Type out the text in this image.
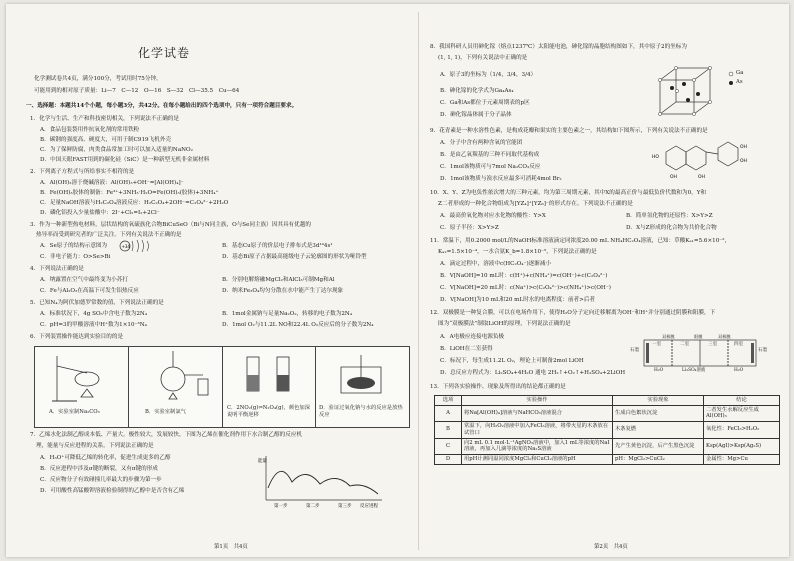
化学试卷
化学测试卷共4页，满分100分，考试用时75分钟。
可能用到的相对原子质量：Li—7　C—12　O—16　S—32　Cl—35.5　Cu—64
一、选择题：本题共14个小题，每小题3分，共42分。在每小题给出的四个选项中，只有一项符合题目要求。
1．化学与生活、生产和科技密切相关，下列说法不正确的是
A．食品包装袋用作抗氧化剂的常用铁粉
B．碳钢的强度高、硬度大，可用于制C919飞机外壳
C．为了保鲜防腐，肉类食品常加工时可以加入适量的NaNO₂
D．中国天眼FAST用到的碳化硅（SiC）是一种新型无机非金属材料
2．下列离子方程式与所给事实不相符的是
A．Al(OH)₃溶于烧碱溶液：Al(OH)₃+OH⁻=[Al(OH)₄]⁻
B．Fe(OH)₃胶体的制备：Fe³⁺+3NH₃·H₂O=Fe(OH)₃(胶体)+3NH₄⁺
C．足量NaOH溶液与H₂C₂O₄溶液反应：H₂C₂O₄+2OH⁻=C₂O₄²⁻+2H₂O
D．磷化铝投入少量盐酸中：2I⁻+Cl₂=I₂+2Cl⁻
3．作为一种新型热电材料，层状结构的氧硫族化合物BiCuSeO（Bi与N同主族，O与Se同主族）因其具有优越的
热导率而受到研究者的广泛关注。下列有关说法不正确的是
A．Se原子的结构示意图为	+34	B．基态Cu原子的价层电子排布式是3d¹⁰4s¹
C．非电子能力：O>Se>Bi	D．基态Bi原子占据最高能级电子云轮廓图的形状为哑铃型
4．下列说法正确的是
A．纳露置在空气中最终变为小苏打	B．分别电解熔融MgCl₂和AlCl₃可制Mg和Al
C．Fe与Al₂O₃在高温下可发生铝热反应	D．纳米Fe₃O₄均匀分散在水中能产生丁达尔现象
5．已知N₄为阿伏加德罗常数的值，下列说法正确的是
A．标准状况下，4g SO₃中含电子数为2N₄	B．1mol金属钠与足量Na₂O₂，转移的电子数为2N₄
C．pH=3的甲酸溶液中H⁺数为1×10⁻³N₄	D．1mol O₂与11.2L NO和22.4L O₂反应后的分子数为2N₄
6．下列装置操作能达到实验目的的是
A．实验室制Na₂CO₃	B．实验室制氯气
C．2NO₂(g)⇌N₂O₄(g)，颜色加深说明平衡逆移
D．验证过氧化钠与水的反应是放热反应
7．乙烯水化法制乙醇成本低、产量大。极性较大，发展较快，下图为乙烯在催化剂作用下水合制乙醇的反应机
理，能量与反应进程的关系。下列说法正确的是
A．H₃O⁺可降低乙烯的转化率，促进生成更多的乙醇
B．反应进程中涉及σ键的断裂，又有π键的形成
C．反应物分子有效碰撞几率最大的步骤为第一步
D．可用酸性高锰酸钾溶液检验制得的乙醇中是否含有乙烯
能量
第一步	第二步	第三步 反应进程
第1页　共4页
8．我国科研人员用砷化镓（熔点1237℃）太阳能电池，砷化镓的晶胞结构图如下，其中原子2的坐标为
(1, 1, 1)，下列有关说法中正确的是
A．原子3的坐标为（1/4，3/4，3/4）
B．砷化镓的化学式为Ga₄As₄
C．Ga和As都位于元素周期表的p区
D．砷化镓晶体属于分子晶体
Ga
As
9．花青素是一种水溶性色素，是构成花瓣和果实的主要色素之一，其结构如下图所示，下列有关说法不正确的是
A．分子中含有两种含氧的官能团
B．是由乙氧羰基的三种不同取代基构成
C．1mol该物质可与7mol Na₂CO₃反应
D．1mol该物质与溴水反应最多可消耗4mol Br₂
HO
OH
OH
OH	OH
10．X、Y、Z为电负性依次增大的三种元素，均为第三周期元素，其中X的最高正价与最低负价代数和为0，Y和
Z二者形成的一种化合物组成为[YZ₄]⁺[YZ₆]⁻的形式存在。下列说法不正确的是
A．最高价氧化物对应水化物的酸性：Y>X	B．简单氢化物的还原性：X>Y>Z
C．原子半径：X>Y>Z	D．X与Z形成的化合物为共价化合物
11．常温下，用0.2000 mol/L的NaOH标准溶液滴定同浓度20.00 mL NH₄HC₂O₄溶液，已知：草酸Kₐ₁=5.6×10⁻²，
Kₐ₂=1.5×10⁻⁴，一水合氨K_b=1.8×10⁻⁵，下列说法正确的是
A．滴定过程中，溶液中c(HC₂O₄⁻)逐渐减小
B．V[NaOH]=10 mL时：c(H⁺)+c(NH₄⁺)=c(OH⁻)+c(C₂O₄²⁻)
C．V[NaOH]=20 mL时：c(Na⁺)>c(C₂O₄²⁻)>c(NH₄⁺)>c(OH⁻)
D．V[NaOH]为10 mL和20 mL时水的电离程度：前者>后者
12．双极膜是一种复合膜，可以在电场作用下，使得H₂O分子定向迁移解离为OH⁻和H⁺并分别通过阴膜和阳膜，下
图为“双极膜法”制取LiOH的原理，下列说法正确的是
A．A电极应连接电源负极
B．LiOH在二室获得
C．标况下，每生成11.2L O₂，理论上可制备2mol LiOH
D．总反应方程式为：Li₂SO₄+4H₂O 通电 2H₂↑+O₂↑+H₂SO₄+2LiOH
石墨	石墨
一室	二室	三室	四室
双极膜	阳膜	双极膜
H₂O	Li₂SO₄溶液	H₂O
13．下列各实验操作、现象及所得出的结论都正确的是
选项	实验操作	实验现象	结论
A	将Na[Al(OH)₄]溶液与NaHCO₃溶液混合	生成白色絮状沉淀	二者发生水解反应生成Al(OH)₃
B	常温下，向H₂O₂溶液中加入FeCl₃溶液，将带火星的木条放在试管口	木条复燃	氧化性：FeCl₃>H₂O₂
C	向2 mL 0.1 mol·L⁻¹AgNO₃溶液中，加入1 mL等浓度的NaI溶液，再加入几滴等浓度的Na₂S溶液	先产生黄色沉淀，后产生黑色沉淀	Ksp(AgI)>Ksp(Ag₂S)
D	用pH计测同温同浓度MgCl₂和CuCl₂溶液的pH	pH：MgCl₂>CuCl₂	金属性：Mg>Cu
第2页　共4页
